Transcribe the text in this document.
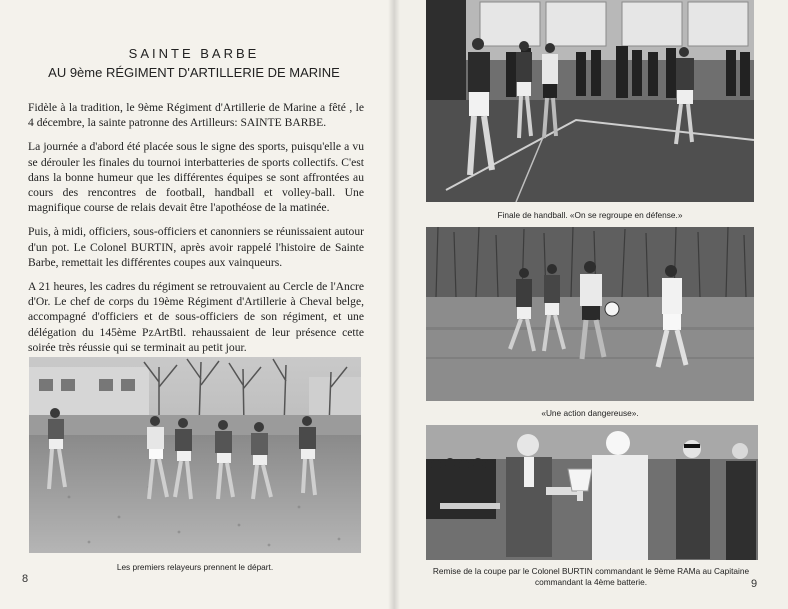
SAINTE BARBE
AU 9ème RÉGIMENT D'ARTILLERIE DE MARINE

Fidèle à la tradition, le 9ème Régiment d'Artillerie de Marine a fêté , le 4 décembre, la sainte patronne des Artilleurs: SAINTE BARBE.

La journée a d'abord été placée sous le signe des sports, puisqu'elle a vu se dérouler les finales du tournoi interbatteries de sports collectifs. C'est dans la bonne humeur que les différentes équipes se sont affrontées au cours des rencontres de football, handball et volley-ball. Une magnifique course de relais devait être l'apothéose de la matinée.

Puis, à midi, officiers, sous-officiers et canonniers se réunissaient autour d'un pot. Le Colonel BURTIN, après avoir rappelé l'histoire de Sainte Barbe, remettait les différentes coupes aux vainqueurs.

A 21 heures, les cadres du régiment se retrouvaient au Cercle de l'Ancre d'Or. Le chef de corps du 19ème Régiment d'Artillerie à Cheval belge, accompagné d'officiers et de sous-officiers de son régiment, et une délégation du 145ème PzArtBtl. rehaussaient de leur présence cette soirée très réussie qui se terminait au petit jour.

Les premiers relayeurs prennent le départ.
8
Finale de handball. «On se regroupe en défense.»
«Une action dangereuse».
Remise de la coupe par le Colonel BURTIN commandant le 9ème RAMa au Capitaine
commandant la 4ème batterie.	9
